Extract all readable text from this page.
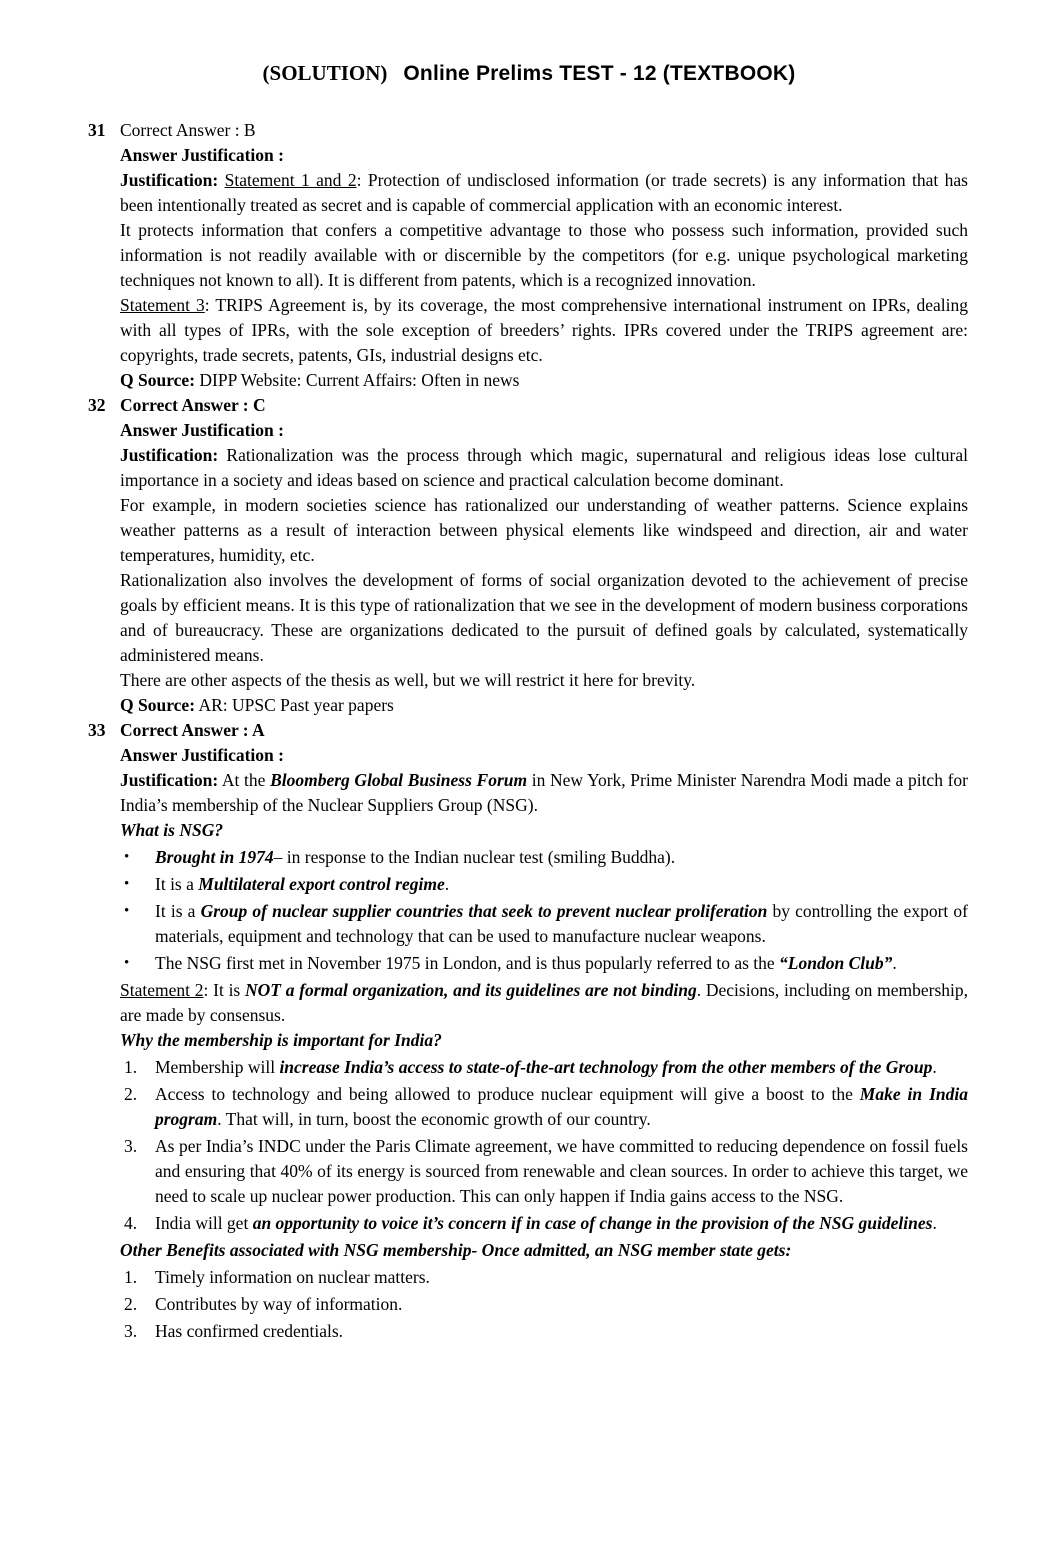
(SOLUTION) Online Prelims TEST - 12 (TEXTBOOK)
31 Correct Answer : B

Answer Justification :

Justification: Statement 1 and 2: Protection of undisclosed information (or trade secrets) is any information that has been intentionally treated as secret and is capable of commercial application with an economic interest.

It protects information that confers a competitive advantage to those who possess such information, provided such information is not readily available with or discernible by the competitors (for e.g. unique psychological marketing techniques not known to all). It is different from patents, which is a recognized innovation.

Statement 3: TRIPS Agreement is, by its coverage, the most comprehensive international instrument on IPRs, dealing with all types of IPRs, with the sole exception of breeders’ rights. IPRs covered under the TRIPS agreement are: copyrights, trade secrets, patents, GIs, industrial designs etc.

Q Source: DIPP Website: Current Affairs: Often in news

32 Correct Answer : C

Answer Justification :

Justification: Rationalization was the process through which magic, supernatural and religious ideas lose cultural importance in a society and ideas based on science and practical calculation become dominant.

For example, in modern societies science has rationalized our understanding of weather patterns. Science explains weather patterns as a result of interaction between physical elements like windspeed and direction, air and water temperatures, humidity, etc.

Rationalization also involves the development of forms of social organization devoted to the achievement of precise goals by efficient means. It is this type of rationalization that we see in the development of modern business corporations and of bureaucracy. These are organizations dedicated to the pursuit of defined goals by calculated, systematically administered means.

There are other aspects of the thesis as well, but we will restrict it here for brevity.

Q Source: AR: UPSC Past year papers

33 Correct Answer : A

Answer Justification :

Justification: At the Bloomberg Global Business Forum in New York, Prime Minister Narendra Modi made a pitch for India’s membership of the Nuclear Suppliers Group (NSG).

What is NSG?

•	Brought in 1974– in response to the Indian nuclear test (smiling Buddha).

•	It is a Multilateral export control regime.

•	It is a Group of nuclear supplier countries that seek to prevent nuclear proliferation by controlling the export of materials, equipment and technology that can be used to manufacture nuclear weapons.

•	The NSG first met in November 1975 in London, and is thus popularly referred to as the “London Club”.

Statement 2: It is NOT a formal organization, and its guidelines are not binding. Decisions, including on membership, are made by consensus.

Why the membership is important for India?

1.	Membership will increase India’s access to state-of-the-art technology from the other members of the Group.

2.	Access to technology and being allowed to produce nuclear equipment will give a boost to the Make in India program. That will, in turn, boost the economic growth of our country.

3.	As per India’s INDC under the Paris Climate agreement, we have committed to reducing dependence on fossil fuels and ensuring that 40% of its energy is sourced from renewable and clean sources. In order to achieve this target, we need to scale up nuclear power production. This can only happen if India gains access to the NSG.

4.	India will get an opportunity to voice it’s concern if in case of change in the provision of the NSG guidelines.

Other Benefits associated with NSG membership- Once admitted, an NSG member state gets:

1.	Timely information on nuclear matters.

2.	Contributes by way of information.

3.	Has confirmed credentials.
